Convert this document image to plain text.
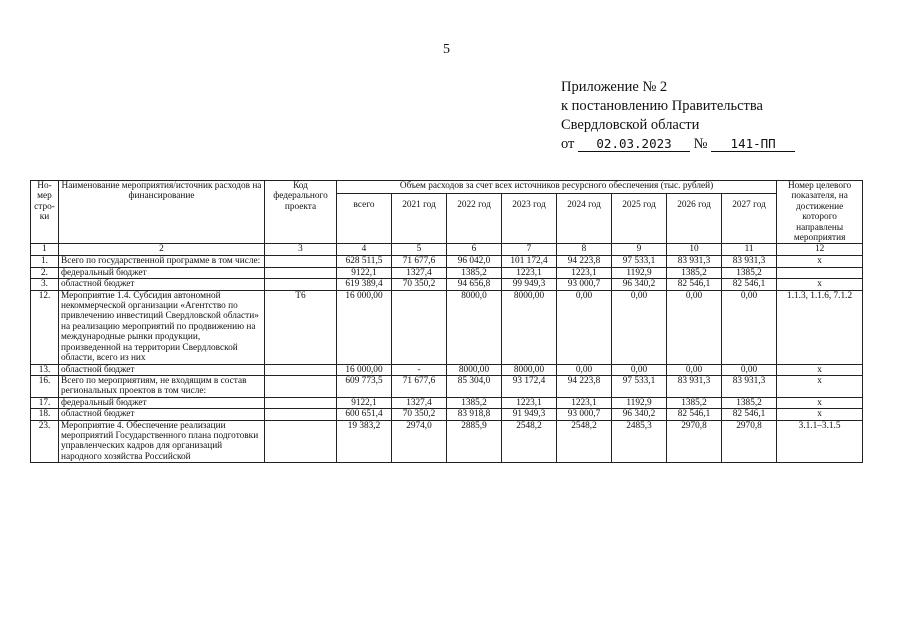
5
Приложение № 2
к постановлению Правительства
Свердловской области
от 02.03.2023 № 141-ПП
Но- мер стро- ки	Наименование мероприятия/источник расходов на финансирование	Код федерального проекта	Объем расходов за счет всех источников ресурсного обеспечения (тыс. рублей)								Номер целевого показателя, на достижение которого направлены мероприятия
			всего	2021 год	2022 год	2023 год	2024 год	2025 год	2026 год	2027 год	
1	2	3	4	5	6	7	8	9	10	11	12
1.	Всего по государственной программе в том числе:		628 511,5	71 677,6	96 042,0	101 172,4	94 223,8	97 533,1	83 931,3	83 931,3	х
2.	федеральный бюджет		9122,1	1327,4	1385,2	1223,1	1223,1	1192,9	1385,2	1385,2	
3.	областной бюджет		619 389,4	70 350,2	94 656,8	99 949,3	93 000,7	96 340,2	82 546,1	82 546,1	х
12.	Мероприятие 1.4. Субсидия автономной некоммерческой организации «Агентство по привлечению инвестиций Свердловской области» на реализацию мероприятий по продвижению на международные рынки продукции, произведенной на территории Свердловской области, всего из них	Т6	16 000,00		8000,0	8000,00	0,00	0,00	0,00	0,00	1.1.3, 1.1.6, 7.1.2
13.	областной бюджет		16 000,00	-	8000,00	8000,00	0,00	0,00	0,00	0,00	х
16.	Всего по мероприятиям, не входящим в состав региональных проектов в том числе:		609 773,5	71 677,6	85 304,0	93 172,4	94 223,8	97 533,1	83 931,3	83 931,3	х
17.	федеральный бюджет		9122,1	1327,4	1385,2	1223,1	1223,1	1192,9	1385,2	1385,2	х
18.	областной бюджет		600 651,4	70 350,2	83 918,8	91 949,3	93 000,7	96 340,2	82 546,1	82 546,1	х
23.	Мероприятие 4. Обеспечение реализации мероприятий Государственного плана подготовки управленческих кадров для организаций народного хозяйства Российской		19 383,2	2974,0	2885,9	2548,2	2548,2	2485,3	2970,8	2970,8	3.1.1–3.1.5
